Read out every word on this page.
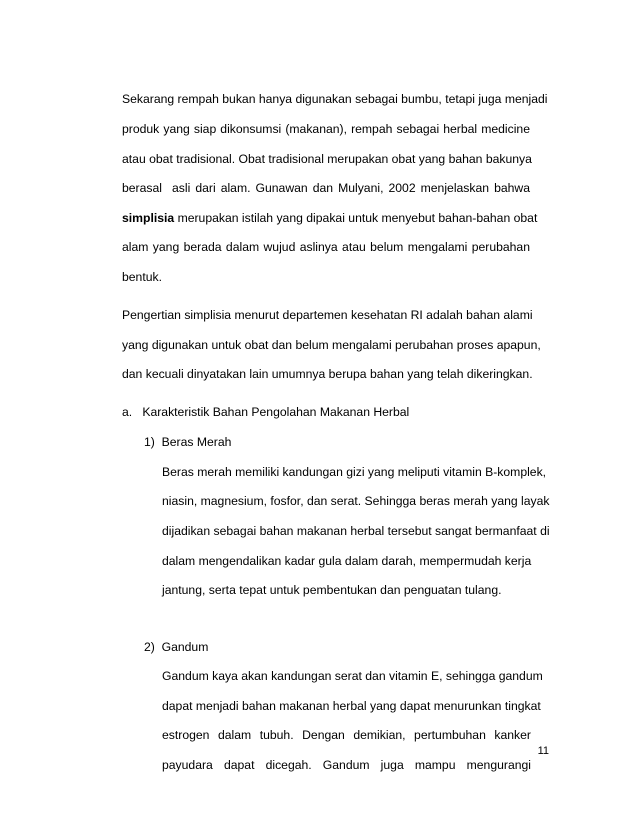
Sekarang rempah bukan hanya digunakan sebagai bumbu, tetapi juga menjadi
produk yang siap dikonsumsi (makanan), rempah sebagai herbal medicine
atau obat tradisional. Obat tradisional merupakan obat yang bahan bakunya
berasal  asli dari alam. Gunawan dan Mulyani, 2002 menjelaskan bahwa
simplisia merupakan istilah yang dipakai untuk menyebut bahan-bahan obat
alam yang berada dalam wujud aslinya atau belum mengalami perubahan
bentuk.
Pengertian simplisia menurut departemen kesehatan RI adalah bahan alami
yang digunakan untuk obat dan belum mengalami perubahan proses apapun,
dan kecuali dinyatakan lain umumnya berupa bahan yang telah dikeringkan.
a.   Karakteristik Bahan Pengolahan Makanan Herbal
1)  Beras Merah
Beras merah memiliki kandungan gizi yang meliputi vitamin B-komplek,
niasin, magnesium, fosfor, dan serat. Sehingga beras merah yang layak
dijadikan sebagai bahan makanan herbal tersebut sangat bermanfaat di
dalam mengendalikan kadar gula dalam darah, mempermudah kerja
jantung, serta tepat untuk pembentukan dan penguatan tulang.
2)  Gandum
Gandum kaya akan kandungan serat dan vitamin E, sehingga gandum
dapat menjadi bahan makanan herbal yang dapat menurunkan tingkat
estrogen dalam tubuh. Dengan demikian, pertumbuhan kanker
payudara dapat dicegah. Gandum juga mampu mengurangi
11
